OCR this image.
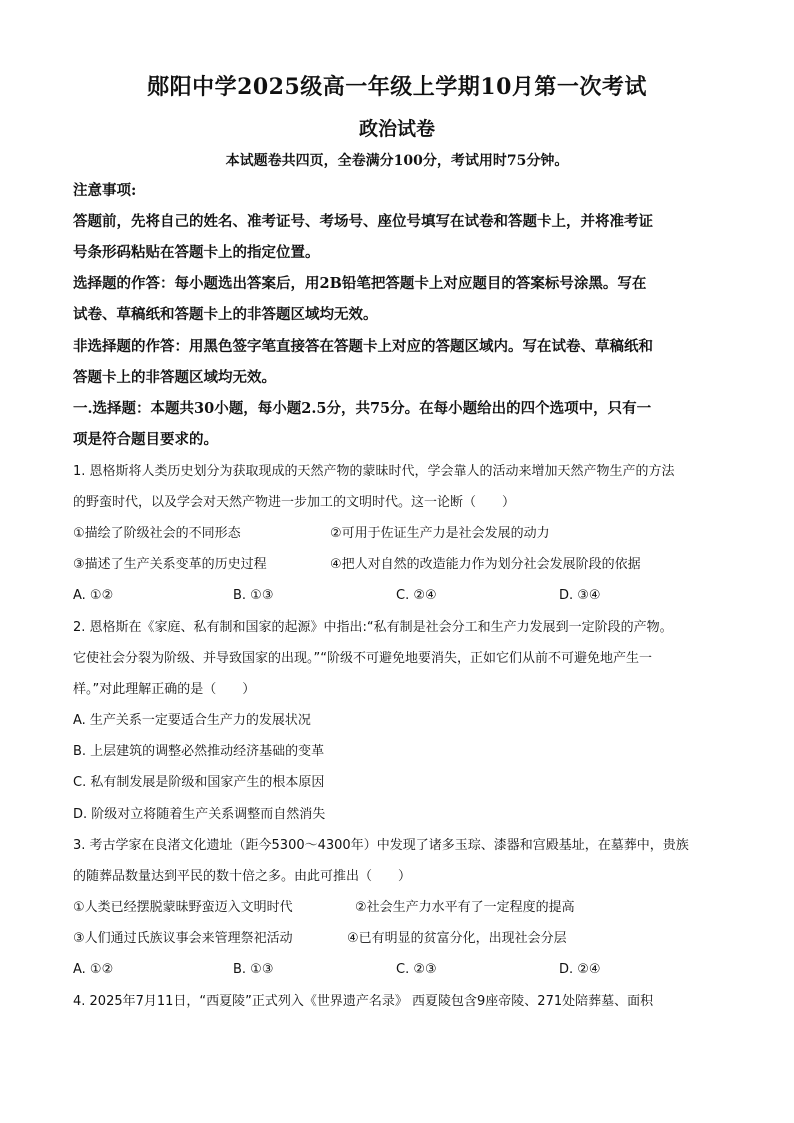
郧阳中学2025级高一年级上学期10月第一次考试
政治试卷
本试题卷共四页，全卷满分100分，考试用时75分钟。
注意事项:
答题前，先将自己的姓名、准考证号、考场号、座位号填写在试卷和答题卡上，并将准考证
号条形码粘贴在答题卡上的指定位置。
选择题的作答：每小题选出答案后，用2B铅笔把答题卡上对应题目的答案标号涂黑。写在
试卷、草稿纸和答题卡上的非答题区域均无效。
非选择题的作答：用黑色签字笔直接答在答题卡上对应的答题区域内。写在试卷、草稿纸和
答题卡上的非答题区域均无效。
一.选择题：本题共30小题，每小题2.5分，共75分。在每小题给出的四个选项中，只有一
项是符合题目要求的。
1. 恩格斯将人类历史划分为获取现成的天然产物的蒙昧时代，学会靠人的活动来增加天然产物生产的方法
的野蛮时代，以及学会对天然产物进一步加工的文明时代。这一论断（　　）
①描绘了阶级社会的不同形态	②可用于佐证生产力是社会发展的动力
③描述了生产关系变革的历史过程	④把人对自然的改造能力作为划分社会发展阶段的依据
A. ①②	B. ①③	C. ②④	D. ③④
2. 恩格斯在《家庭、私有制和国家的起源》中指出:“私有制是社会分工和生产力发展到一定阶段的产物。
它使社会分裂为阶级、并导致国家的出现。”“阶级不可避免地要消失，正如它们从前不可避免地产生一
样。”对此理解正确的是（　　）
A. 生产关系一定要适合生产力的发展状况
B. 上层建筑的调整必然推动经济基础的变革
C. 私有制发展是阶级和国家产生的根本原因
D. 阶级对立将随着生产关系调整而自然消失
3. 考古学家在良渚文化遗址（距今5300～4300年）中发现了诸多玉琮、漆器和宫殿基址，在墓葬中，贵族
的随葬品数量达到平民的数十倍之多。由此可推出（　　）
①人类已经摆脱蒙昧野蛮迈入文明时代	②社会生产力水平有了一定程度的提高
③人们通过氏族议事会来管理祭祀活动	④已有明显的贫富分化，出现社会分层
A. ①②	B. ①③	C. ②③	D. ②④
4. 2025年7月11日，“西夏陵”正式列入《世界遗产名录》 西夏陵包含9座帝陵、271处陪葬墓、面积
